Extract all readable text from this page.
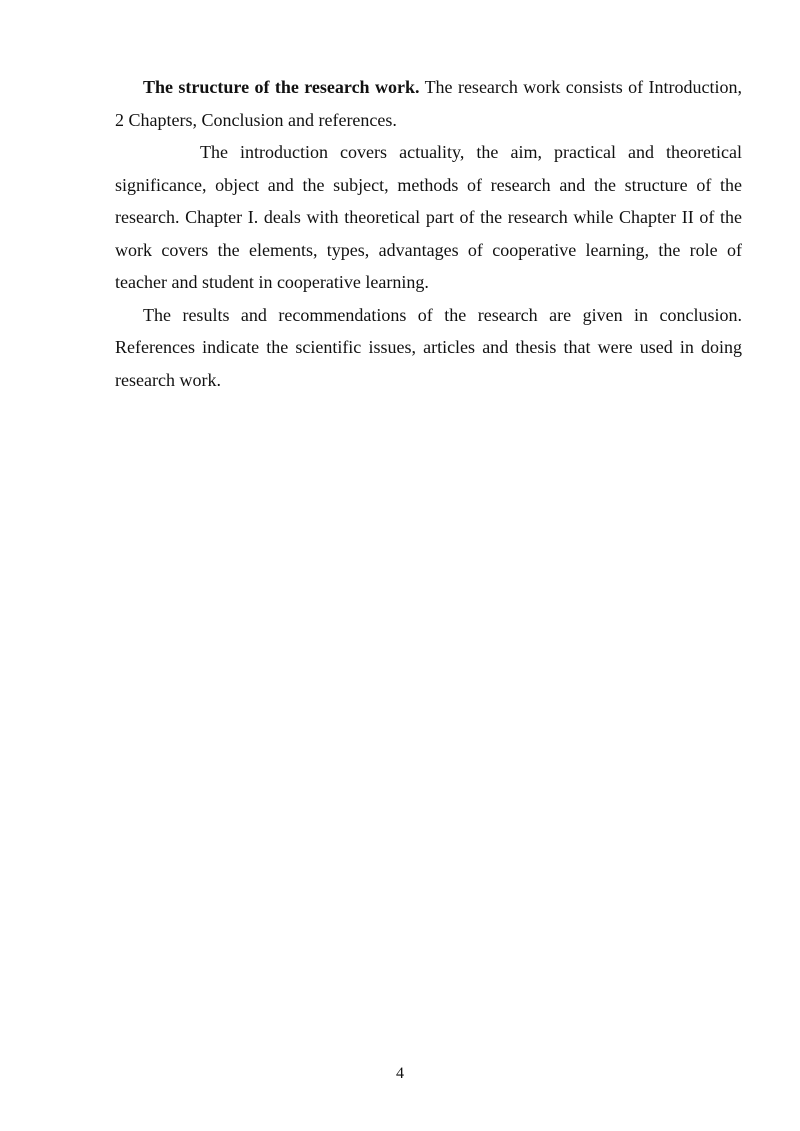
The structure of the research work. The research work consists of Introduction, 2 Chapters, Conclusion and references.

The introduction covers actuality, the aim, practical and theoretical significance, object and the subject, methods of research and the structure of the research. Chapter I. deals with theoretical part of the research while Chapter II of the work covers the elements, types, advantages of cooperative learning, the role of teacher and student in cooperative learning.

The results and recommendations of the research are given in conclusion. References indicate the scientific issues, articles and thesis that were used in doing research work.

4
